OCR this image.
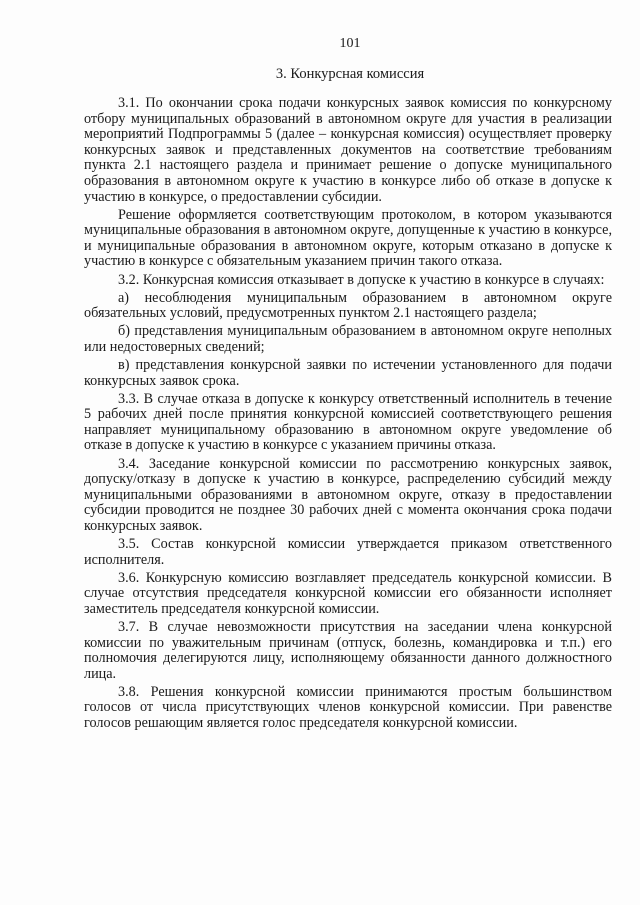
101
3. Конкурсная комиссия

3.1. По окончании срока подачи конкурсных заявок комиссия по конкурсному отбору муниципальных образований в автономном округе для участия в реализации мероприятий Подпрограммы 5 (далее – конкурсная комиссия) осуществляет проверку конкурсных заявок и представленных документов на соответствие требованиям пункта 2.1 настоящего раздела и принимает решение о допуске муниципального образования в автономном округе к участию в конкурсе либо об отказе в допуске к участию в конкурсе, о предоставлении субсидии.

Решение оформляется соответствующим протоколом, в котором указываются муниципальные образования в автономном округе, допущенные к участию в конкурсе, и муниципальные образования в автономном округе, которым отказано в допуске к участию в конкурсе с обязательным указанием причин такого отказа.

3.2. Конкурсная комиссия отказывает в допуске к участию в конкурсе в случаях:

а) несоблюдения муниципальным образованием в автономном округе обязательных условий, предусмотренных пунктом 2.1 настоящего раздела;

б) представления муниципальным образованием в автономном округе неполных или недостоверных сведений;

в) представления конкурсной заявки по истечении установленного для подачи конкурсных заявок срока.

3.3. В случае отказа в допуске к конкурсу ответственный исполнитель в течение 5 рабочих дней после принятия конкурсной комиссией соответствующего решения направляет муниципальному образованию в автономном округе уведомление об отказе в допуске к участию в конкурсе с указанием причины отказа.

3.4. Заседание конкурсной комиссии по рассмотрению конкурсных заявок, допуску/отказу в допуске к участию в конкурсе, распределению субсидий между муниципальными образованиями в автономном округе, отказу в предоставлении субсидии проводится не позднее 30 рабочих дней с момента окончания срока подачи конкурсных заявок.

3.5. Состав конкурсной комиссии утверждается приказом ответственного исполнителя.

3.6. Конкурсную комиссию возглавляет председатель конкурсной комиссии. В случае отсутствия председателя конкурсной комиссии его обязанности исполняет заместитель председателя конкурсной комиссии.

3.7. В случае невозможности присутствия на заседании члена конкурсной комиссии по уважительным причинам (отпуск, болезнь, командировка и т.п.) его полномочия делегируются лицу, исполняющему обязанности данного должностного лица.

3.8. Решения конкурсной комиссии принимаются простым большинством голосов от числа присутствующих членов конкурсной комиссии. При равенстве голосов решающим является голос председателя конкурсной комиссии.
